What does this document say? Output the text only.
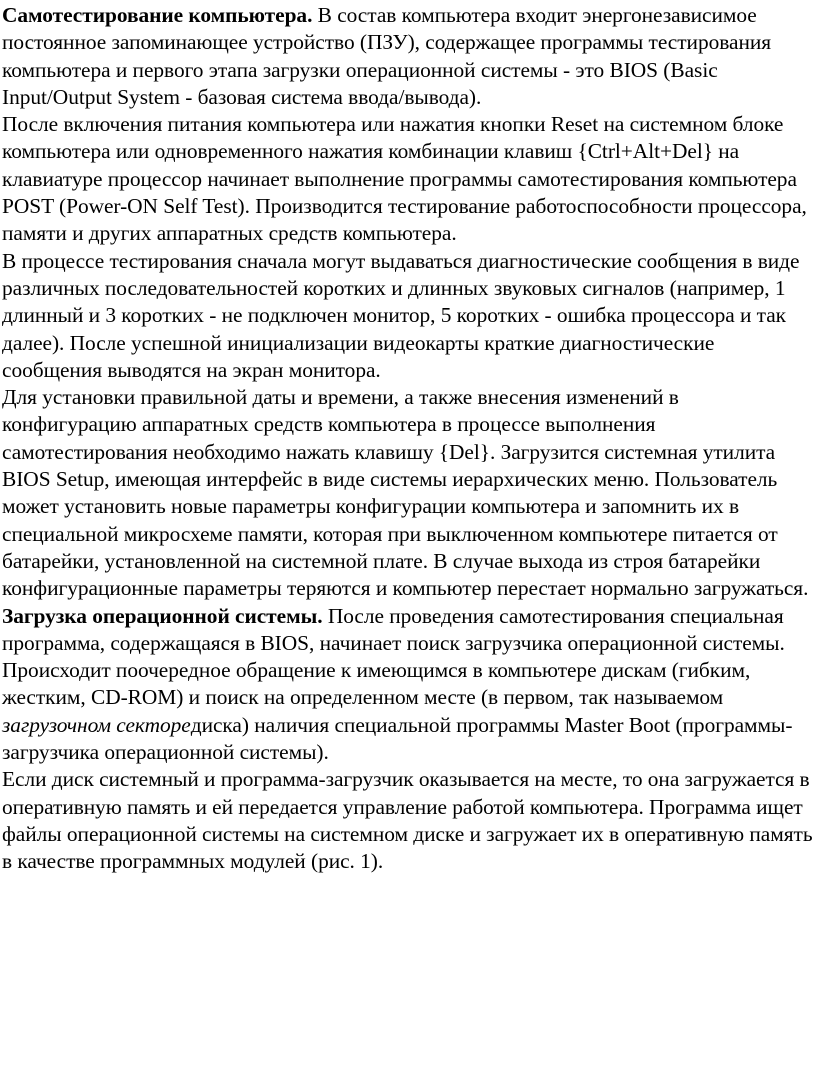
Самотестирование компьютера. В состав компьютера входит энергонезависимое постоянное запоминающее устройство (ПЗУ), содержащее программы тестирования компьютера и первого этапа загрузки операционной системы - это BIOS (Basic Input/Output System - базовая система ввода/вывода).

После включения питания компьютера или нажатия кнопки Reset на системном блоке компьютера или одновременного нажатия комбинации клавиш {Ctrl+Alt+Del} на клавиатуре процессор начинает выполнение программы самотестирования компьютера POST (Power-ON Self Test). Производится тестирование работоспособности процессора, памяти и других аппаратных средств компьютера.

В процессе тестирования сначала могут выдаваться диагностические сообщения в виде различных последовательностей коротких и длинных звуковых сигналов (например, 1 длинный и 3 коротких - не подключен монитор, 5 коротких - ошибка процессора и так далее). После успешной инициализации видеокарты краткие диагностические сообщения выводятся на экран монитора.

Для установки правильной даты и времени, а также внесения изменений в конфигурацию аппаратных средств компьютера в процессе выполнения самотестирования необходимо нажать клавишу {Del}. Загрузится системная утилита BIOS Setup, имеющая интерфейс в виде системы иерархических меню. Пользователь может установить новые параметры конфигурации компьютера и запомнить их в специальной микросхеме памяти, которая при выключенном компьютере питается от батарейки, установленной на системной плате. В случае выхода из строя батарейки конфигурационные параметры теряются и компьютер перестает нормально загружаться.

Загрузка операционной системы. После проведения самотестирования специальная программа, содержащаяся в BIOS, начинает поиск загрузчика операционной системы. Происходит поочередное обращение к имеющимся в компьютере дискам (гибким, жестким, CD-ROM) и поиск на определенном месте (в первом, так называемом загрузочном секторедиска) наличия специальной программы Master Boot (программы-загрузчика операционной системы).

Если диск системный и программа-загрузчик оказывается на месте, то она загружается в оперативную память и ей передается управление работой компьютера. Программа ищет файлы операционной системы на системном диске и загружает их в оперативную память в качестве программных модулей (рис. 1).
